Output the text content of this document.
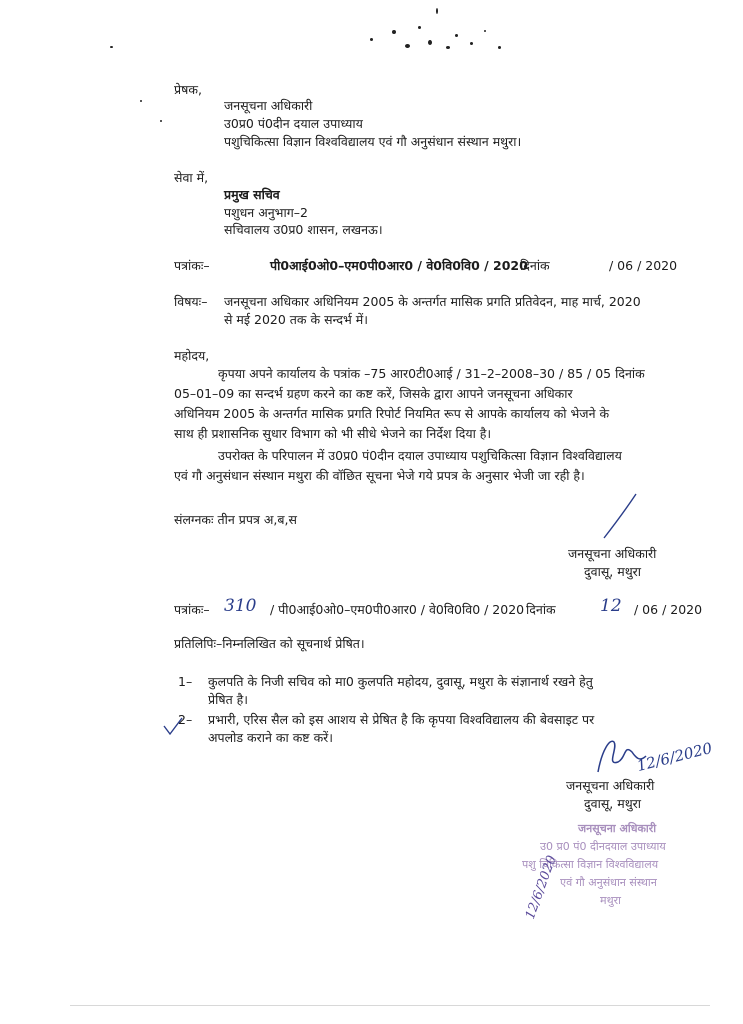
प्रेषक,
जनसूचना अधिकारी
उ0प्र0 पं0दीन दयाल उपाध्याय
पशुचिकित्सा विज्ञान विश्वविद्यालय एवं गौ अनुसंधान संस्थान मथुरा।
सेवा में,
प्रमुख सचिव
पशुधन अनुभाग–2
सचिवालय उ0प्र0 शासन, लखनऊ।
पत्रांकः–	पी0आई0ओ0–एम0पी0आर0 / वे0वि0वि0 / 2020
दिनांक	/ 06 / 2020
विषयः– जनसूचना अधिकार अधिनियम 2005 के अन्तर्गत मासिक प्रगति प्रतिवेदन, माह मार्च, 2020
से मई 2020 तक के सन्दर्भ में।
महोदय,
कृपया अपने कार्यालय के पत्रांक –75 आर0टी0आई / 31–2–2008–30 / 85 / 05 दिनांक
05–01–09 का सन्दर्भ ग्रहण करने का कष्ट करें, जिसके द्वारा आपने जनसूचना अधिकार
अधिनियम 2005 के अन्तर्गत मासिक प्रगति रिपोर्ट नियमित रूप से आपके कार्यालय को भेजने के
साथ ही प्रशासनिक सुधार विभाग को भी सीधे भेजने का निर्देश दिया है।
उपरोक्त के परिपालन में उ0प्र0 पं0दीन दयाल उपाध्याय पशुचिकित्सा विज्ञान विश्वविद्यालय
एवं गौ अनुसंधान संस्थान मथुरा की वॉछित सूचना भेजे गये प्रपत्र के अनुसार भेजी जा रही है।
संलग्नकः तीन प्रपत्र अ,ब,स
जनसूचना अधिकारी
दुवासू, मथुरा
पत्रांकः– 310 / पी0आई0ओ0–एम0पी0आर0 / वे0वि0वि0 / 2020 दिनांक	12 / 06 / 2020
प्रतिलिपिः–निम्नलिखित को सूचनार्थ प्रेषित।
1– कुलपति के निजी सचिव को मा0 कुलपति महोदय, दुवासू, मथुरा के संज्ञानार्थ रखने हेतु
प्रेषित है।
2– प्रभारी, एरिस सैल को इस आशय से प्रेषित है कि कृपया विश्वविद्यालय की बेवसाइट पर
अपलोड कराने का कष्ट करें।
12/6/2020
जनसूचना अधिकारी
दुवासू, मथुरा
जनसूचना अधिकारी
उ0 प्र0 पं0 दीनदयाल उपाध्याय
पशु चिकित्सा विज्ञान विश्वविद्यालय
एवं गौ अनुसंधान संस्थान
मथुरा
12/6/2020
